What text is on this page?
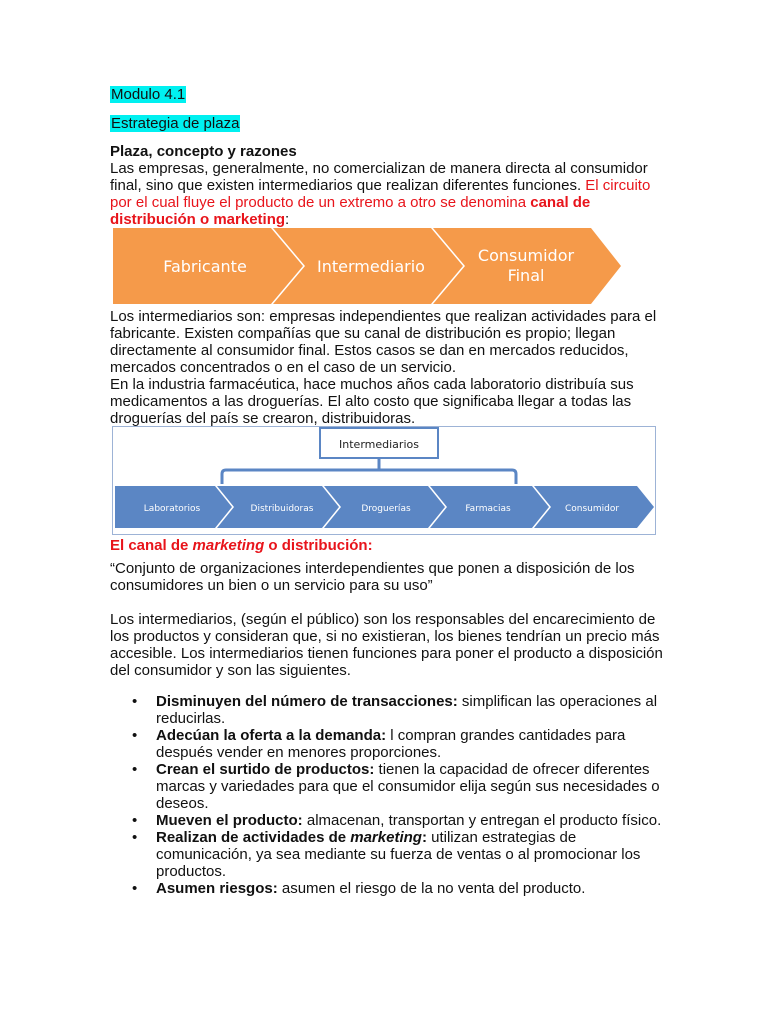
Modulo 4.1
Estrategia de plaza
Plaza, concepto y razones
Las empresas, generalmente, no comercializan de manera directa al consumidor final, sino que existen intermediarios que realizan diferentes funciones. El circuito por el cual fluye el producto de un extremo a otro se denomina canal de distribución o marketing:
Fabricante	Intermediario
Consumidor
Final
Los intermediarios son: empresas independientes que realizan actividades para el fabricante. Existen compañías que su canal de distribución es propio; llegan directamente al consumidor final. Estos casos se dan en mercados reducidos, mercados concentrados o en el caso de un servicio.
En la industria farmacéutica, hace muchos años cada laboratorio distribuía sus medicamentos a las droguerías. El alto costo que significaba llegar a todas las droguerías del país se crearon, distribuidoras.
Intermediarios
Laboratorios	Distribuidoras	Droguerías	Farmacias	Consumidor
El canal de marketing o distribución:
“Conjunto de organizaciones interdependientes que ponen a disposición de los consumidores un bien o un servicio para su uso”
Los intermediarios, (según el público) son los responsables del encarecimiento de los productos y consideran que, si no existieran, los bienes tendrían un precio más accesible. Los intermediarios tienen funciones para poner el producto a disposición del consumidor y son las siguientes.
• Disminuyen del número de transacciones: simplifican las operaciones al reducirlas.
• Adecúan la oferta a la demanda: l compran grandes cantidades para después vender en menores proporciones.
• Crean el surtido de productos: tienen la capacidad de ofrecer diferentes marcas y variedades para que el consumidor elija según sus necesidades o deseos.
• Mueven el producto: almacenan, transportan y entregan el producto físico.
• Realizan de actividades de marketing: utilizan estrategias de comunicación, ya sea mediante su fuerza de ventas o al promocionar los productos.
• Asumen riesgos: asumen el riesgo de la no venta del producto.
